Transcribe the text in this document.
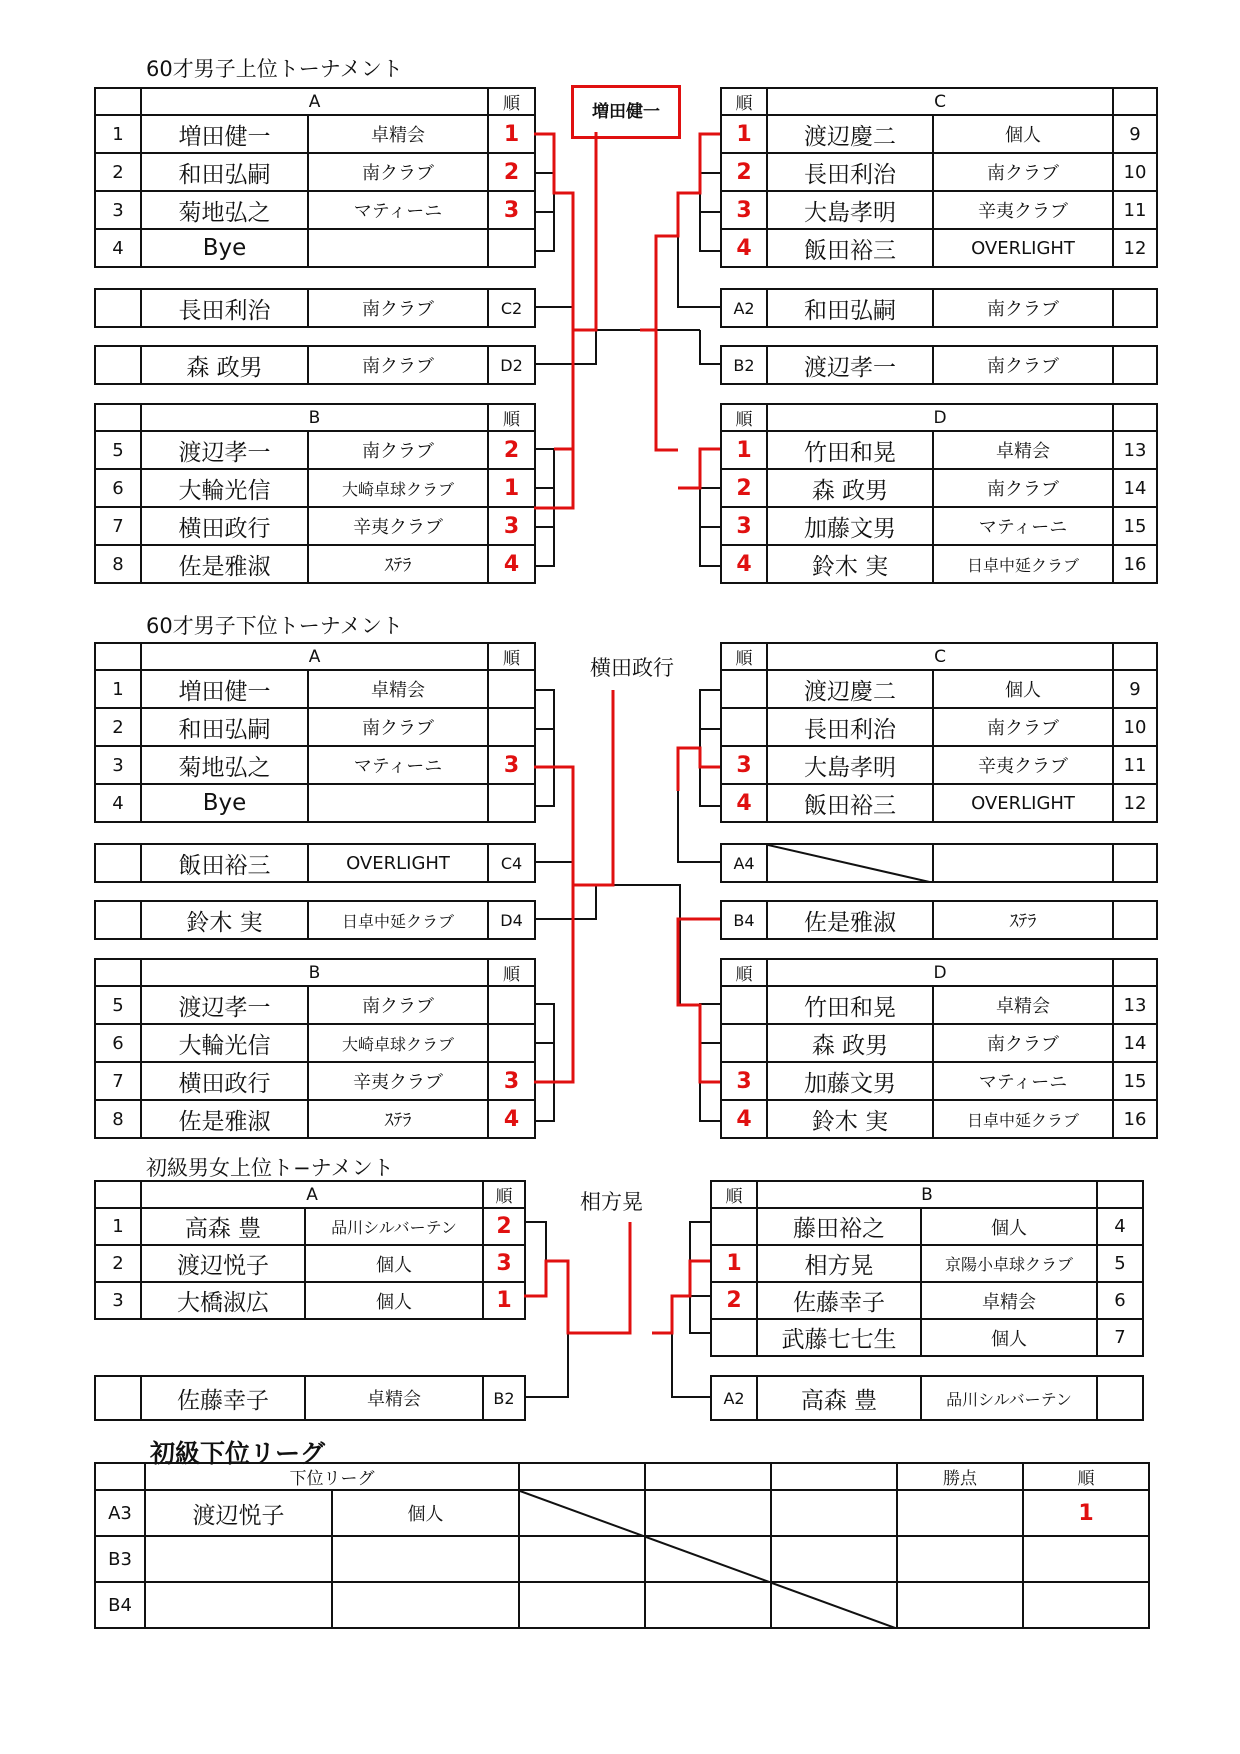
60才男子上位トーナメント
	A		順
1	増田健一	卓精会	1
2	和田弘嗣	南クラブ	2
3	菊地弘之	マティーニ	3
4	Bye		
	長田利治	南クラブ	C2
	森 政男	南クラブ	D2
	B		順
5	渡辺孝一	南クラブ	2
6	大輪光信	大崎卓球クラブ	1
7	横田政行	辛夷クラブ	3
8	佐是雅淑	ｽﾃﾗ	4
順	C		
1	渡辺慶二	個人	9
2	長田利治	南クラブ	10
3	大島孝明	辛夷クラブ	11
4	飯田裕三	OVERLIGHT	12
A2	和田弘嗣	南クラブ	
B2	渡辺孝一	南クラブ	
順	D		
1	竹田和晃	卓精会	13
2	森 政男	南クラブ	14
3	加藤文男	マティーニ	15
4	鈴木 実	日卓中延クラブ	16
増田健一
60才男子下位トーナメント
	A		順
1	増田健一	卓精会	
2	和田弘嗣	南クラブ	
3	菊地弘之	マティーニ	3
4	Bye		
	飯田裕三	OVERLIGHT	C4
	鈴木 実	日卓中延クラブ	D4
	B		順
5	渡辺孝一	南クラブ	
6	大輪光信	大崎卓球クラブ	
7	横田政行	辛夷クラブ	3
8	佐是雅淑	ｽﾃﾗ	4
順	C		
	渡辺慶二	個人	9
	長田利治	南クラブ	10
3	大島孝明	辛夷クラブ	11
4	飯田裕三	OVERLIGHT	12
A4	

B4	佐是雅淑	ｽﾃﾗ	
順	D		
	竹田和晃	卓精会	13
	森 政男	南クラブ	14
3	加藤文男	マティーニ	15
4	鈴木 実	日卓中延クラブ	16
横田政行
初級男女上位ト−ナメント
	A		順
1	高森 豊	品川シルバーテン	2
2	渡辺悦子	個人	3
3	大橋淑広	個人	1
	佐藤幸子	卓精会	B2
順	B		
	藤田裕之	個人	4
1	相方晃	京陽小卓球クラブ	5
2	佐藤幸子	卓精会	6
	武藤七七生	個人	7
A2	高森 豊	品川シルバーテン	
相方晃
初級下位リーグ
	下位リーグ					勝点	順
A3	渡辺悦子	個人					1
B3				

B4					
